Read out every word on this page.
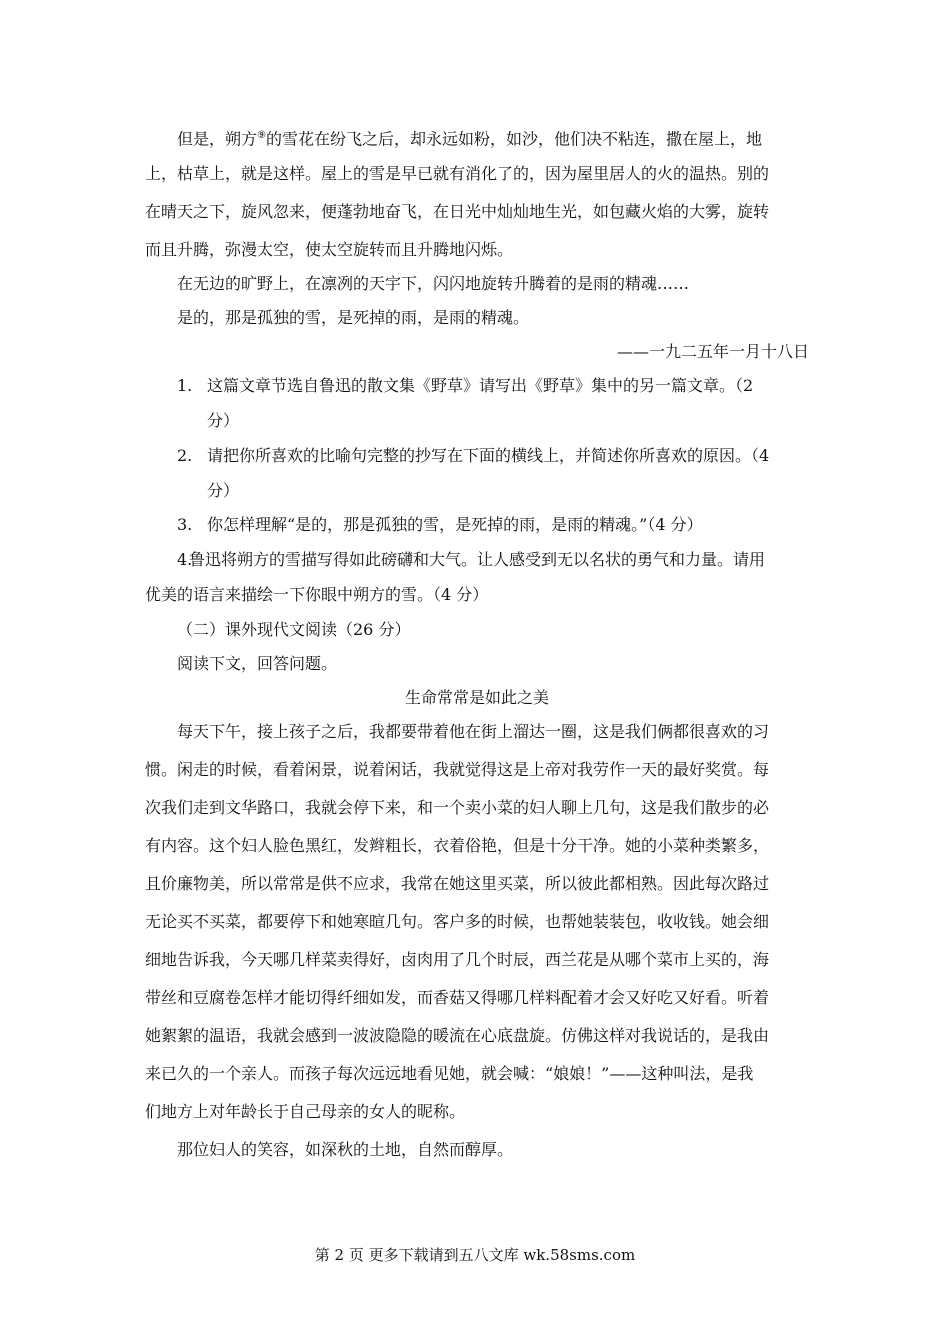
但是，朔方⑨的雪花在纷飞之后，却永远如粉，如沙，他们决不粘连，撒在屋上，地
上，枯草上，就是这样。屋上的雪是早已就有消化了的，因为屋里居人的火的温热。别的
在晴天之下，旋风忽来，便蓬勃地奋飞，在日光中灿灿地生光，如包藏火焰的大雾，旋转
而且升腾，弥漫太空，使太空旋转而且升腾地闪烁。
在无边的旷野上，在凛冽的天宇下，闪闪地旋转升腾着的是雨的精魂……
是的，那是孤独的雪，是死掉的雨，是雨的精魂。
——一九二五年一月十八日
1. 这篇文章节选自鲁迅的散文集《野草》请写出《野草》集中的另一篇文章。（2
分）
2. 请把你所喜欢的比喻句完整的抄写在下面的横线上，并简述你所喜欢的原因。（4
分）
3. 你怎样理解“是的，那是孤独的雪，是死掉的雨，是雨的精魂。”（4 分）
4.
鲁迅将朔方的雪描写得如此磅礴和大气。让人感受到无以名状的勇气和力量。请用
优美的语言来描绘一下你眼中朔方的雪。（4 分）
（二）课外现代文阅读（26 分）
阅读下文，回答问题。
生命常常是如此之美
每天下午，接上孩子之后，我都要带着他在街上溜达一圈，这是我们俩都很喜欢的习
惯。闲走的时候，看着闲景，说着闲话，我就觉得这是上帝对我劳作一天的最好奖赏。每
次我们走到文华路口，我就会停下来，和一个卖小菜的妇人聊上几句，这是我们散步的必
有内容。这个妇人脸色黑红，发辫粗长，衣着俗艳，但是十分干净。她的小菜种类繁多，
且价廉物美，所以常常是供不应求，我常在她这里买菜，所以彼此都相熟。因此每次路过
无论买不买菜，都要停下和她寒暄几句。客户多的时候，也帮她装装包，收收钱。她会细
细地告诉我，今天哪几样菜卖得好，卤肉用了几个时辰，西兰花是从哪个菜市上买的，海
带丝和豆腐卷怎样才能切得纤细如发，而香菇又得哪几样料配着才会又好吃又好看。听着
她絮絮的温语，我就会感到一波波隐隐的暖流在心底盘旋。仿佛这样对我说话的，是我由
来已久的一个亲人。而孩子每次远远地看见她，就会喊：“娘娘！”——这种叫法，是我
们地方上对年龄长于自己母亲的女人的昵称。
那位妇人的笑容，如深秋的土地，自然而醇厚。
第 2 页 更多下载请到五八文库 wk.58sms.com
